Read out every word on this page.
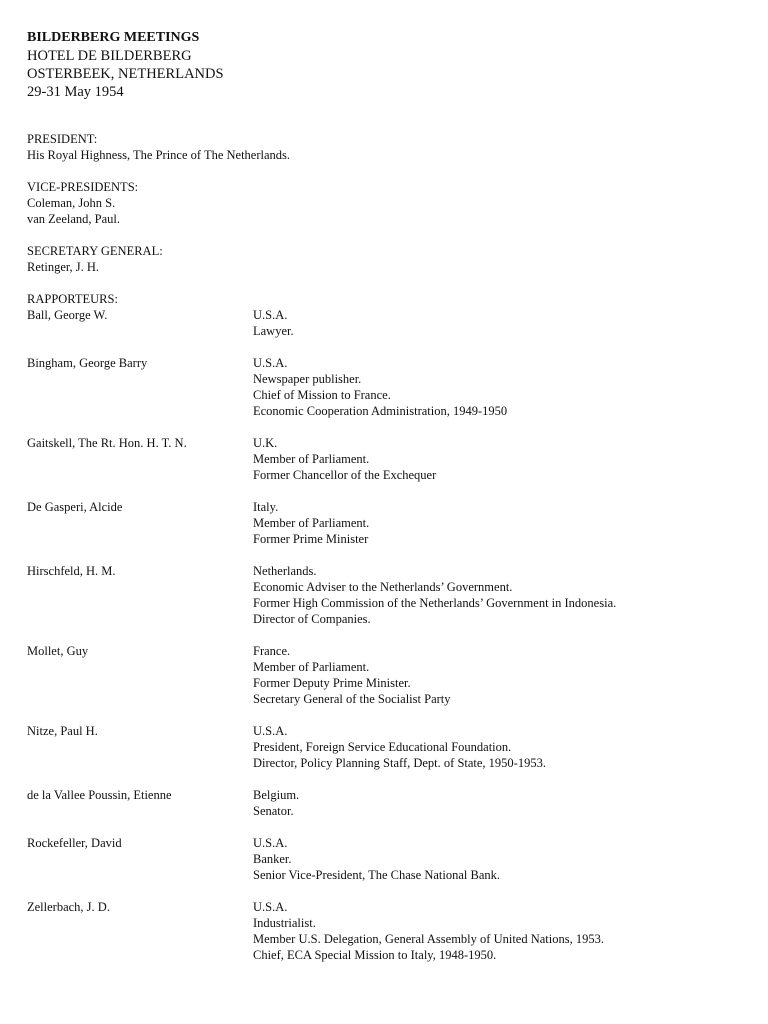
BILDERBERG MEETINGS
HOTEL DE BILDERBERG
OSTERBEEK, NETHERLANDS
29-31 May 1954
PRESIDENT:
His Royal Highness, The Prince of The Netherlands.
VICE-PRESIDENTS:
Coleman, John S.
van Zeeland, Paul.
SECRETARY GENERAL:
Retinger, J. H.
RAPPORTEURS:
Ball, George W.	U.S.A.
Lawyer.
Bingham, George Barry	U.S.A.
Newspaper publisher.
Chief of Mission to France.
Economic Cooperation Administration, 1949-1950
Gaitskell, The Rt. Hon. H. T. N.	U.K.
Member of Parliament.
Former Chancellor of the Exchequer
De Gasperi, Alcide	Italy.
Member of Parliament.
Former Prime Minister
Hirschfeld, H. M.	Netherlands.
Economic Adviser to the Netherlands’ Government.
Former High Commission of the Netherlands’ Government in Indonesia.
Director of Companies.
Mollet, Guy	France.
Member of Parliament.
Former Deputy Prime Minister.
Secretary General of the Socialist Party
Nitze, Paul H.	U.S.A.
President, Foreign Service Educational Foundation.
Director, Policy Planning Staff, Dept. of State, 1950-1953.
de la Vallee Poussin, Etienne	Belgium.
Senator.
Rockefeller, David	U.S.A.
Banker.
Senior Vice-President, The Chase National Bank.
Zellerbach, J. D.	U.S.A.
Industrialist.
Member U.S. Delegation, General Assembly of United Nations, 1953.
Chief, ECA Special Mission to Italy, 1948-1950.
